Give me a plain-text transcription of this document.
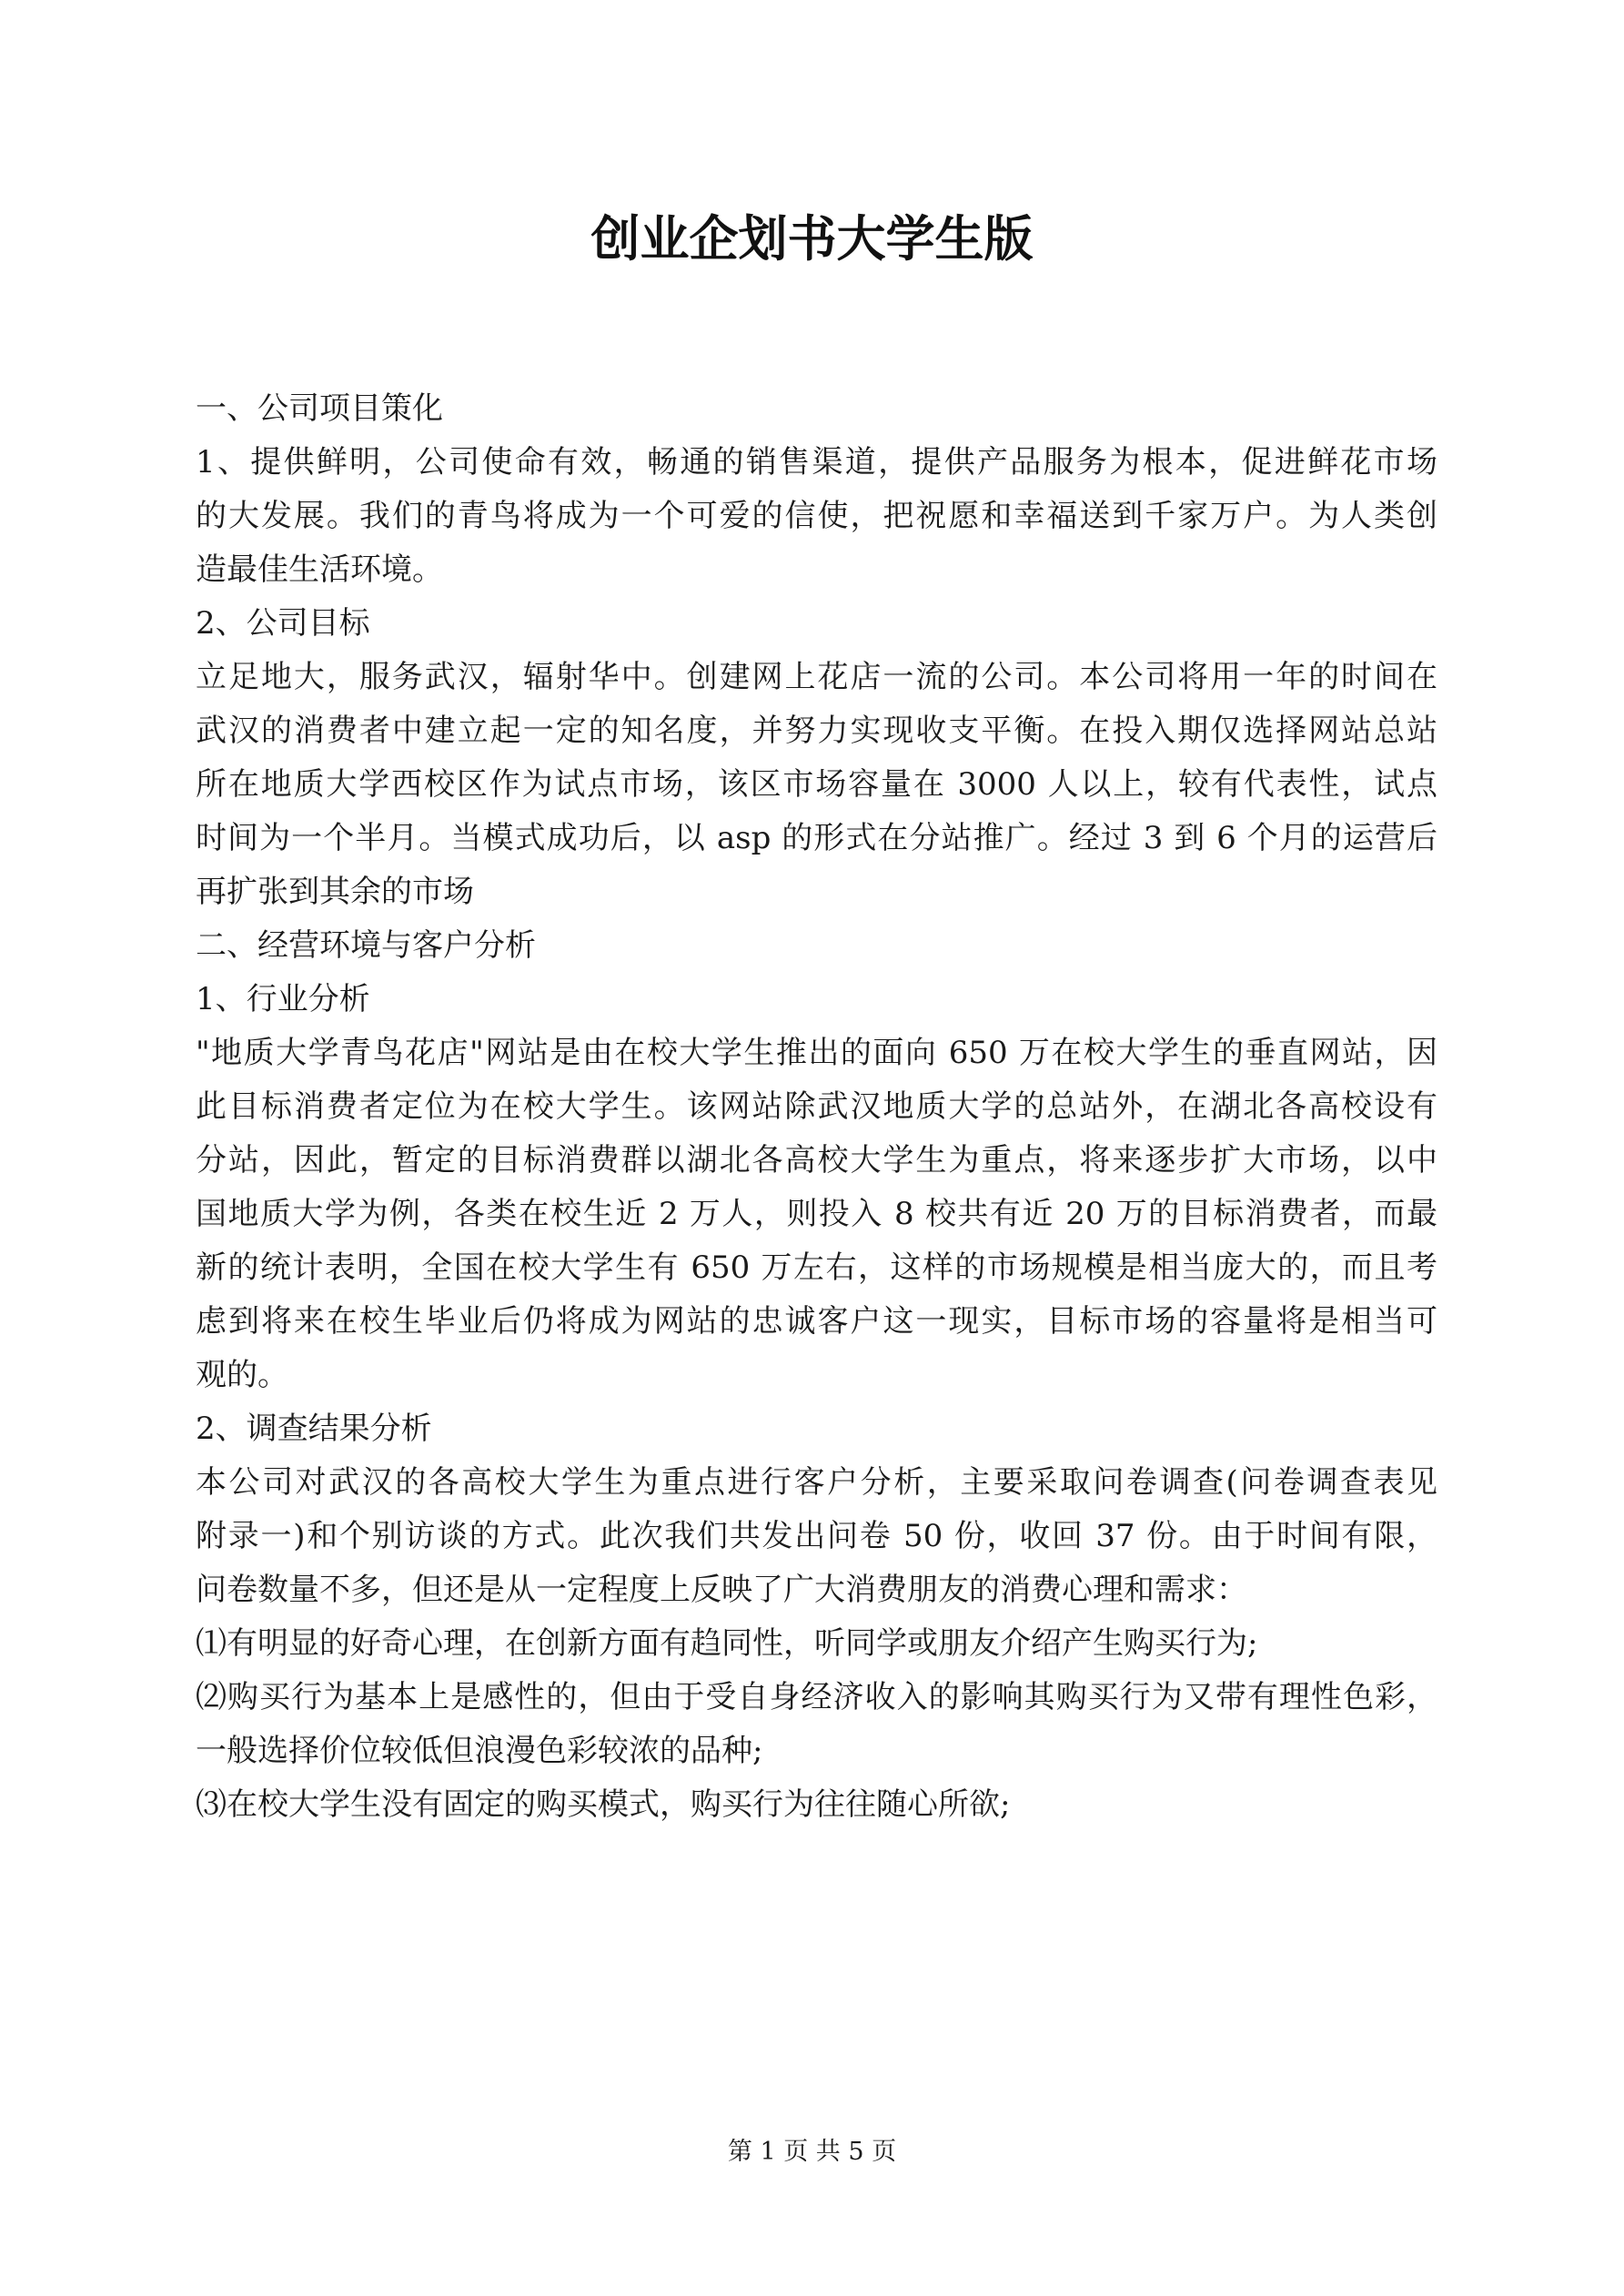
创业企划书大学生版
一、公司项目策化
1、提供鲜明，公司使命有效，畅通的销售渠道，提供产品服务为根本，促进鲜花市场
的大发展。我们的青鸟将成为一个可爱的信使，把祝愿和幸福送到千家万户。为人类创
造最佳生活环境。
2、公司目标
立足地大，服务武汉，辐射华中。创建网上花店一流的公司。本公司将用一年的时间在
武汉的消费者中建立起一定的知名度，并努力实现收支平衡。在投入期仅选择网站总站
所在地质大学西校区作为试点市场，该区市场容量在 3000 人以上，较有代表性，试点
时间为一个半月。当模式成功后，以 asp 的形式在分站推广。经过 3 到 6 个月的运营后
再扩张到其余的市场
二、经营环境与客户分析
1、行业分析
"地质大学青鸟花店"网站是由在校大学生推出的面向 650 万在校大学生的垂直网站，因
此目标消费者定位为在校大学生。该网站除武汉地质大学的总站外，在湖北各高校设有
分站，因此，暂定的目标消费群以湖北各高校大学生为重点，将来逐步扩大市场，以中
国地质大学为例，各类在校生近 2 万人，则投入 8 校共有近 20 万的目标消费者，而最
新的统计表明，全国在校大学生有 650 万左右，这样的市场规模是相当庞大的，而且考
虑到将来在校生毕业后仍将成为网站的忠诚客户这一现实，目标市场的容量将是相当可
观的。
2、调查结果分析
本公司对武汉的各高校大学生为重点进行客户分析，主要采取问卷调查(问卷调查表见
附录一)和个别访谈的方式。此次我们共发出问卷 50 份，收回 37 份。由于时间有限，
问卷数量不多，但还是从一定程度上反映了广大消费朋友的消费心理和需求：
⑴有明显的好奇心理，在创新方面有趋同性，听同学或朋友介绍产生购买行为;
⑵购买行为基本上是感性的，但由于受自身经济收入的影响其购买行为又带有理性色彩，
一般选择价位较低但浪漫色彩较浓的品种;
⑶在校大学生没有固定的购买模式，购买行为往往随心所欲;
第 1 页 共 5 页
